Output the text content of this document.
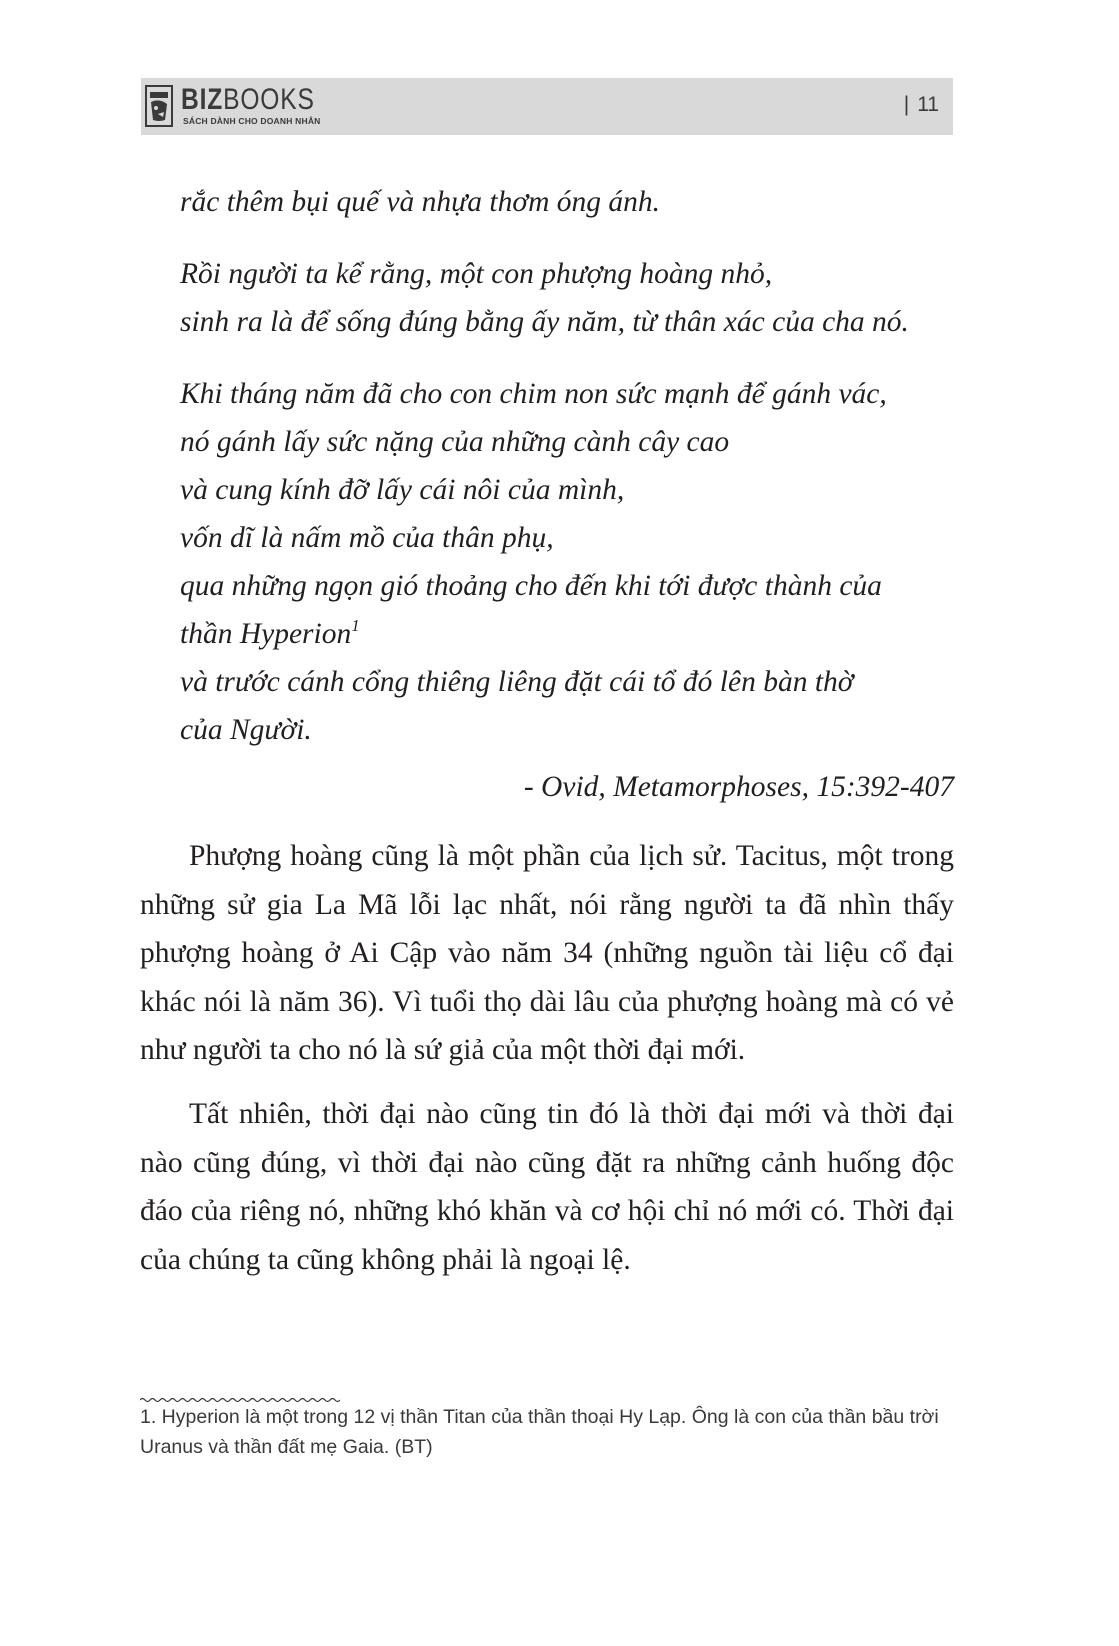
BIZBOOKS
SÁCH DÀNH CHO DOANH NHÂN
| 11
rắc thêm bụi quế và nhựa thơm óng ánh.
Rồi người ta kể rằng, một con phượng hoàng nhỏ,
sinh ra là để sống đúng bằng ấy năm, từ thân xác của cha nó.
Khi tháng năm đã cho con chim non sức mạnh để gánh vác,
nó gánh lấy sức nặng của những cành cây cao
và cung kính đỡ lấy cái nôi của mình,
vốn dĩ là nấm mồ của thân phụ,
qua những ngọn gió thoảng cho đến khi tới được thành của
thần Hyperion$^1$
và trước cánh cổng thiêng liêng đặt cái tổ đó lên bàn thờ
của Người.
- Ovid, Metamorphoses, 15:392-407

Phượng hoàng cũng là một phần của lịch sử. Tacitus, một trong những sử gia La Mã lỗi lạc nhất, nói rằng người ta đã nhìn thấy phượng hoàng ở Ai Cập vào năm 34 (những nguồn tài liệu cổ đại khác nói là năm 36). Vì tuổi thọ dài lâu của phượng hoàng mà có vẻ như người ta cho nó là sứ giả của một thời đại mới.

Tất nhiên, thời đại nào cũng tin đó là thời đại mới và thời đại nào cũng đúng, vì thời đại nào cũng đặt ra những cảnh huống độc đáo của riêng nó, những khó khăn và cơ hội chỉ nó mới có. Thời đại của chúng ta cũng không phải là ngoại lệ.

1. Hyperion là một trong 12 vị thần Titan của thần thoại Hy Lạp. Ông là con của thần bầu trời Uranus và thần đất mẹ Gaia. (BT)
